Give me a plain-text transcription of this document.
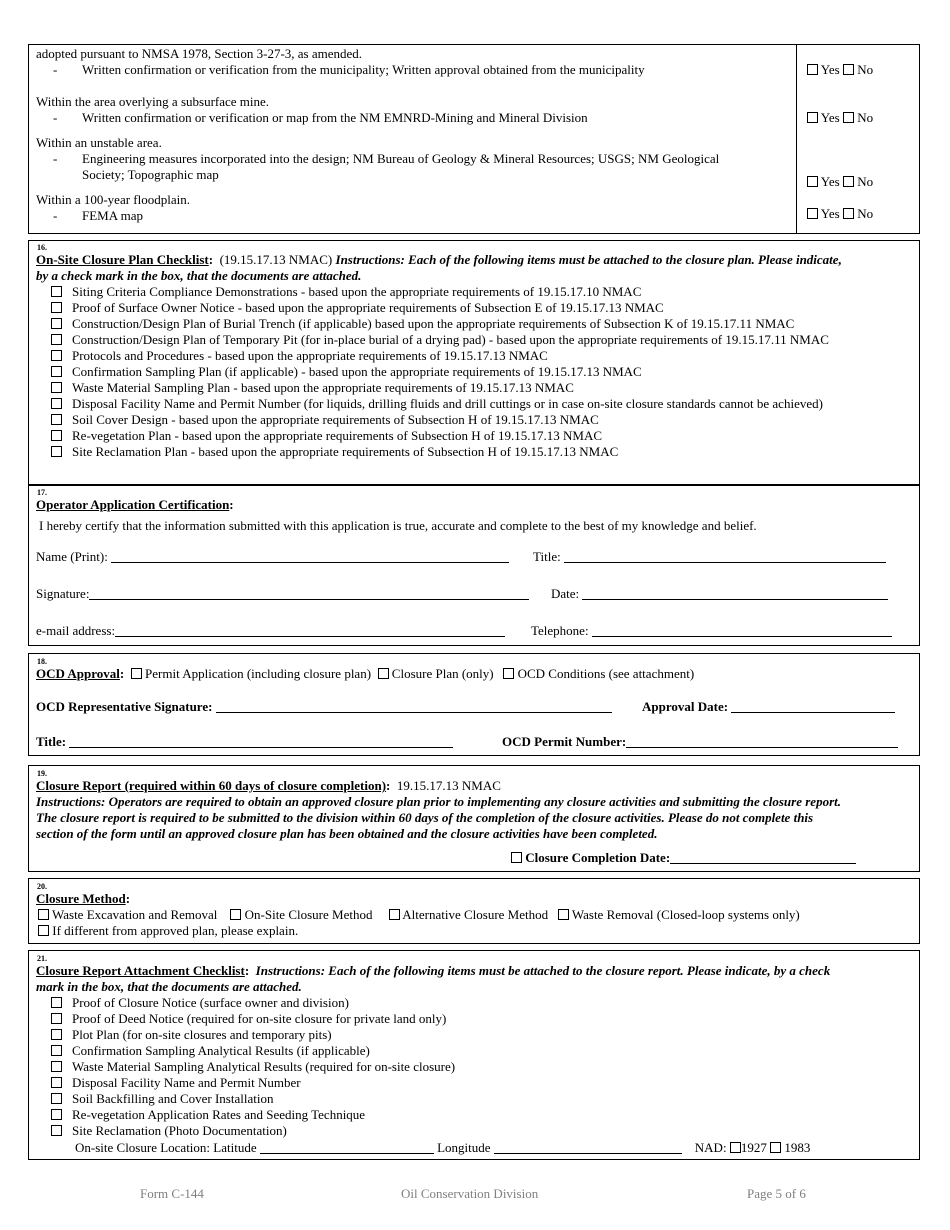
adopted pursuant to NMSA 1978, Section 3-27-3, as amended.
- Written confirmation or verification from the municipality; Written approval obtained from the municipality	Yes No
Within the area overlying a subsurface mine.
- Written confirmation or verification or map from the NM EMNRD-Mining and Mineral Division	Yes No
Within an unstable area.
- Engineering measures incorporated into the design; NM Bureau of Geology & Mineral Resources; USGS; NM Geological
Society; Topographic map	Yes No
Within a 100-year floodplain.
- FEMA map	Yes No
16.
On-Site Closure Plan Checklist: (19.15.17.13 NMAC) Instructions: Each of the following items must be attached to the closure plan. Please indicate,
by a check mark in the box, that the documents are attached.
Siting Criteria Compliance Demonstrations - based upon the appropriate requirements of 19.15.17.10 NMAC
Proof of Surface Owner Notice - based upon the appropriate requirements of Subsection E of 19.15.17.13 NMAC
Construction/Design Plan of Burial Trench (if applicable) based upon the appropriate requirements of Subsection K of 19.15.17.11 NMAC
Construction/Design Plan of Temporary Pit (for in-place burial of a drying pad) - based upon the appropriate requirements of 19.15.17.11 NMAC
Protocols and Procedures - based upon the appropriate requirements of 19.15.17.13 NMAC
Confirmation Sampling Plan (if applicable) - based upon the appropriate requirements of 19.15.17.13 NMAC
Waste Material Sampling Plan - based upon the appropriate requirements of 19.15.17.13 NMAC
Disposal Facility Name and Permit Number (for liquids, drilling fluids and drill cuttings or in case on-site closure standards cannot be achieved)
Soil Cover Design - based upon the appropriate requirements of Subsection H of 19.15.17.13 NMAC
Re-vegetation Plan - based upon the appropriate requirements of Subsection H of 19.15.17.13 NMAC
Site Reclamation Plan - based upon the appropriate requirements of Subsection H of 19.15.17.13 NMAC
17.
Operator Application Certification:
I hereby certify that the information submitted with this application is true, accurate and complete to the best of my knowledge and belief.
Name (Print):	Title:
Signature:	Date:
e-mail address:	Telephone:
18.
OCD Approval: Permit Application (including closure plan) Closure Plan (only) OCD Conditions (see attachment)
OCD Representative Signature:	Approval Date:
Title:	OCD Permit Number:
19.
Closure Report (required within 60 days of closure completion): 19.15.17.13 NMAC
Instructions: Operators are required to obtain an approved closure plan prior to implementing any closure activities and submitting the closure report.
The closure report is required to be submitted to the division within 60 days of the completion of the closure activities. Please do not complete this
section of the form until an approved closure plan has been obtained and the closure activities have been completed.
Closure Completion Date:
20.
Closure Method:
Waste Excavation and Removal On-Site Closure Method Alternative Closure Method Waste Removal (Closed-loop systems only)
If different from approved plan, please explain.
21.
Closure Report Attachment Checklist: Instructions: Each of the following items must be attached to the closure report. Please indicate, by a check
mark in the box, that the documents are attached.
Proof of Closure Notice (surface owner and division)
Proof of Deed Notice (required for on-site closure for private land only)
Plot Plan (for on-site closures and temporary pits)
Confirmation Sampling Analytical Results (if applicable)
Waste Material Sampling Analytical Results (required for on-site closure)
Disposal Facility Name and Permit Number
Soil Backfilling and Cover Installation
Re-vegetation Application Rates and Seeding Technique
Site Reclamation (Photo Documentation)
On-site Closure Location: Latitude	Longitude	NAD: 1927 1983
Form C-144	Oil Conservation Division	Page 5 of 6
